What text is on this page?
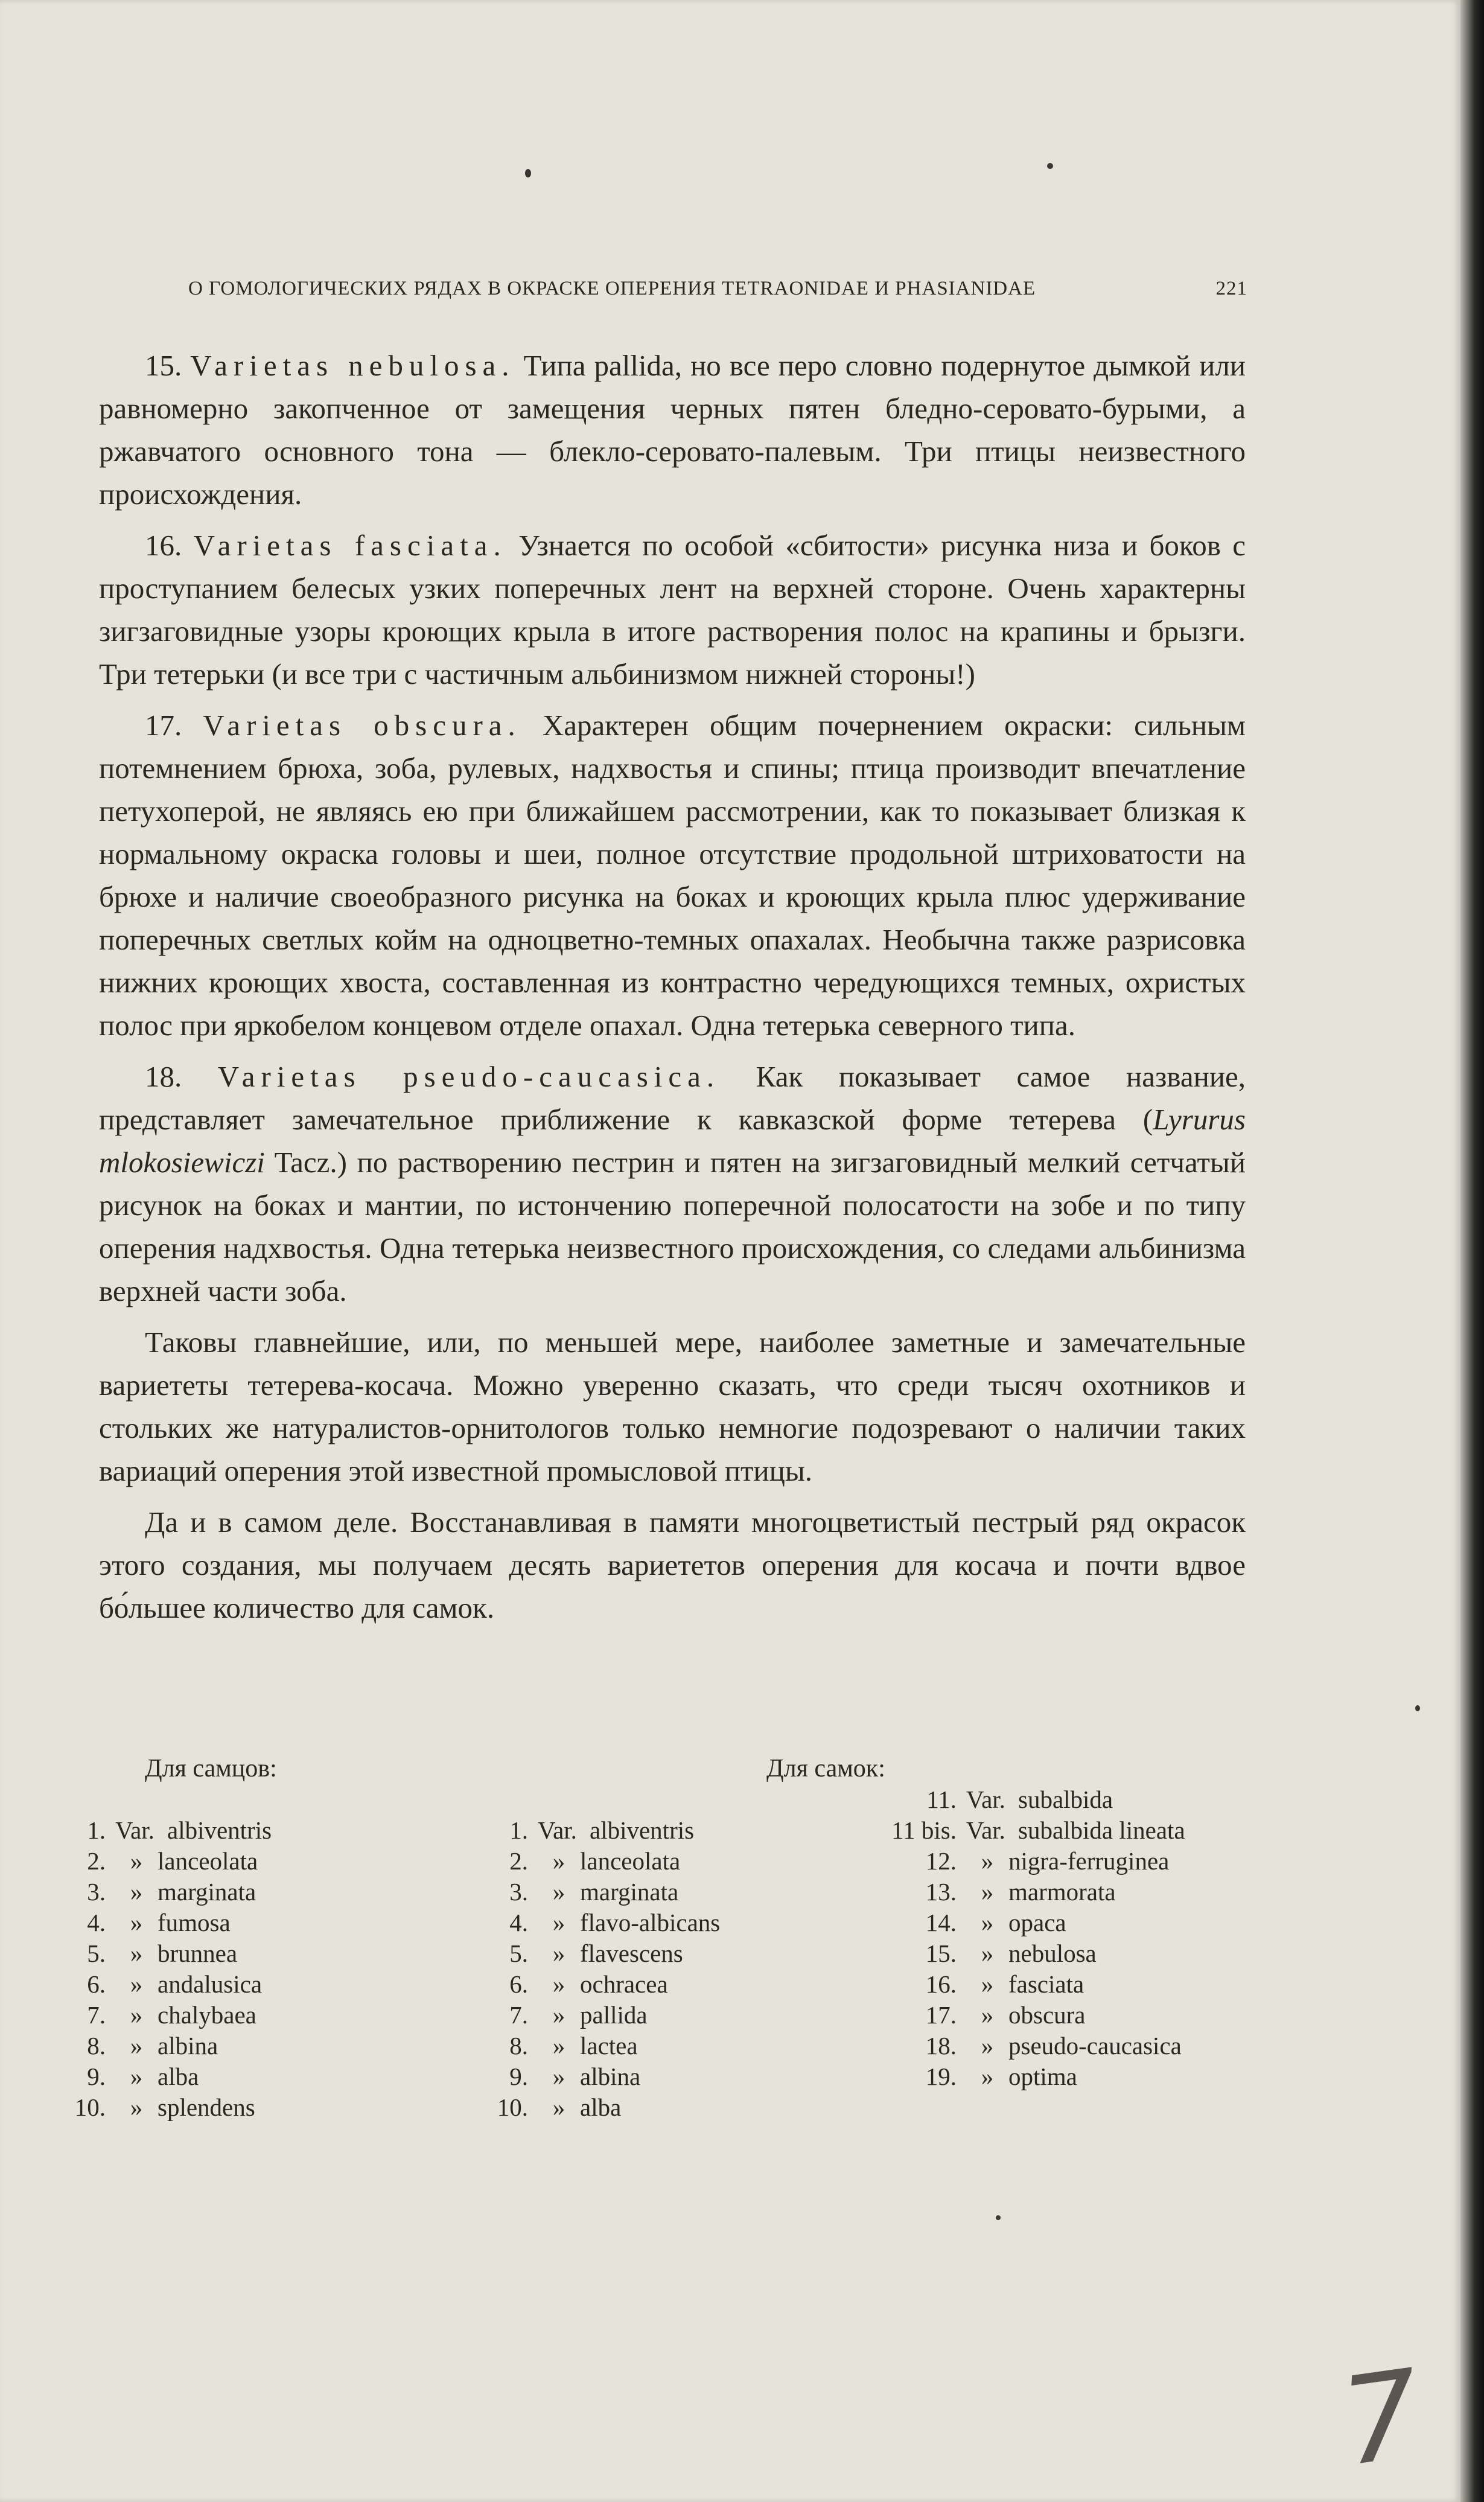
О ГОМОЛОГИЧЕСКИХ РЯДАХ В ОКРАСКЕ ОПЕРЕНИЯ TETRAONIDAE И PHASIANIDAE	221

15. Varietas nebulosa. Типа pallida, но все перо словно подернутое дымкой или равномерно закопченное от замещения черных пятен бледно-серовато-бурыми, а ржавчатого основного тона — блекло-серовато-палевым. Три птицы неизвестного происхождения.

16. Varietas fasciata. Узнается по особой «сбитости» рисунка низа и боков с проступанием белесых узких поперечных лент на верхней стороне. Очень характерны зигзаговидные узоры кроющих крыла в итоге растворения полос на крапины и брызги. Три тетерьки (и все три с частичным альбинизмом нижней стороны!)

17. Varietas obscura. Характерен общим почернением окраски: сильным потемнением брюха, зоба, рулевых, надхвостья и спины; птица производит впечатление петухоперой, не являясь ею при ближайшем рассмотрении, как то показывает близкая к нормальному окраска головы и шеи, полное отсутствие продольной штриховатости на брюхе и наличие своеобразного рисунка на боках и кроющих крыла плюс удерживание поперечных светлых койм на одноцветно-темных опахалах. Необычна также разрисовка нижних кроющих хвоста, составленная из контрастно чередующихся темных, охристых полос при яркобелом концевом отделе опахал. Одна тетерька северного типа.

18. Varietas pseudo-caucasica. Как показывает самое название, представляет замечательное приближение к кавказской форме тетерева (Lyrurus mlokosiewiczi Tacz.) по растворению пестрин и пятен на зигзаговидный мелкий сетчатый рисунок на боках и мантии, по истончению поперечной полосатости на зобе и по типу оперения надхвостья. Одна тетерька неизвестного происхождения, со следами альбинизма верхней части зоба.

Таковы главнейшие, или, по меньшей мере, наиболее заметные и замечательные вариететы тетерева-косача. Можно уверенно сказать, что среди тысяч охотников и стольких же натуралистов-орнитологов только немногие подозревают о наличии таких вариаций оперения этой известной промысловой птицы.

Да и в самом деле. Восстанавливая в памяти многоцветистый пестрый ряд окрасок этого создания, мы получаем десять вариететов оперения для косача и почти вдвое бо́льшее количество для самок.

Для самцов:	Для самок:
1. Var. albiventris
2. » lanceolata
3. » marginata
4. » fumosa
5. » brunnea
6. » andalusica
7. » chalybaea
8. » albina
9. » alba
10. » splendens
1. Var. albiventris
2. » lanceolata
3. » marginata
4. » flavo-albicans
5. » flavescens
6. » ochracea
7. » pallida
8. » lactea
9. » albina
10. » alba
11. Var. subalbida
11 bis. Var. subalbida lineata
12. » nigra-ferruginea
13. » marmorata
14. » opaca
15. » nebulosa
16. » fasciata
17. » obscura
18. » pseudo-caucasica
19. » optima
7
